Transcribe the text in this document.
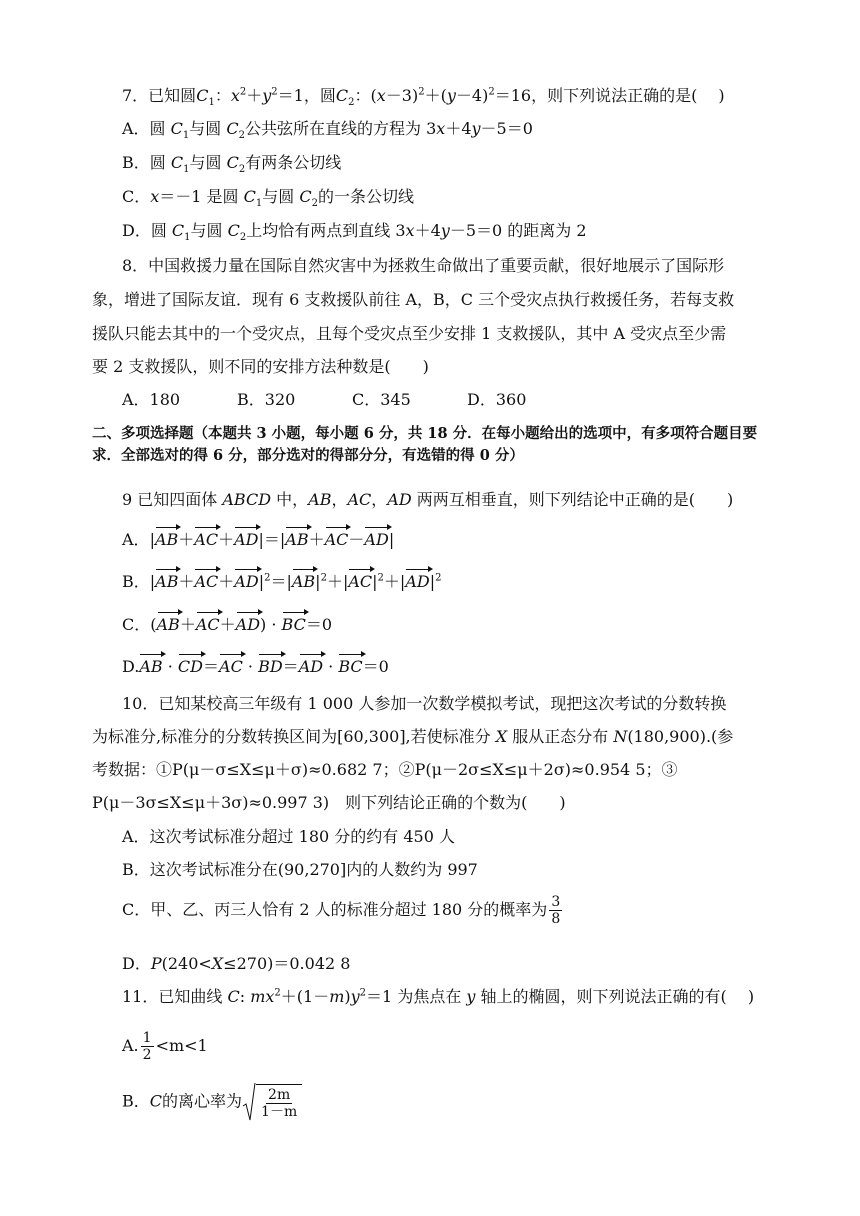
7．已知圆$C_1$：$x^2+y^2=1$，圆$C_2$：$(x-3)^2+(y-4)^2=16$，则下列说法正确的是(　 )
A．圆 $C_1$与圆 $C_2$公共弦所在直线的方程为 3x＋4y－5＝0
B．圆 $C_1$与圆 $C_2$有两条公切线
C．x＝－1 是圆 $C_1$与圆 $C_2$的一条公切线
D．圆 $C_1$与圆 $C_2$上均恰有两点到直线 3x＋4y－5＝0 的距离为 2
8．中国救援力量在国际自然灾害中为拯救生命做出了重要贡献，很好地展示了国际形
象，增进了国际友谊．现有 6 支救援队前往 A，B，C 三个受灾点执行救援任务，若每支救
援队只能去其中的一个受灾点，且每个受灾点至少安排 1 支救援队，其中 A 受灾点至少需
要 2 支救援队，则不同的安排方法种数是(　　)
A．180	B．320	C．345	D．360
二、多项选择题（本题共 3 小题，每小题 6 分，共 18 分．在每小题给出的选项中，有多项符合题目要
求．全部选对的得 6 分，部分选对的得部分分，有选错的得 0 分）
9 已知四面体 ABCD 中，AB，AC，AD 两两互相垂直，则下列结论中正确的是(　　)
A．|AB＋AC＋AD|＝|AB＋AC－AD|
B．$|AB+AC+AD|^2=|AB|^2+|AC|^2+|AD|^2$
C．(AB＋AC＋AD) · BC＝0
D.AB · CD＝AC · BD＝AD · BC＝0
10．已知某校高三年级有 1 000 人参加一次数学模拟考试，现把这次考试的分数转换
为标准分,标准分的分数转换区间为[60,300],若使标准分 X 服从正态分布 N(180,900).(参
考数据：①P(μ－σ≤X≤μ＋σ)≈0.682 7；②P(μ－2σ≤X≤μ＋2σ)≈0.954 5；③
P(μ－3σ≤X≤μ＋3σ)≈0.997 3)　则下列结论正确的个数为(　　)
A．这次考试标准分超过 180 分的约有 450 人
B．这次考试标准分在(90,270]内的人数约为 997
C．甲、乙、丙三人恰有 2 人的标准分超过 180 分的概率为 $\frac{3}{8}$
D．P(240<X≤270)＝0.042 8
11．已知曲线 C: $mx^2+(1-m)y^2=1$ 为焦点在 y 轴上的椭圆，则下列说法正确的有(　 )
A. $\frac{1}{2} <m<1$
B．C的离心率为 $\frac{2m}{1-m}$
